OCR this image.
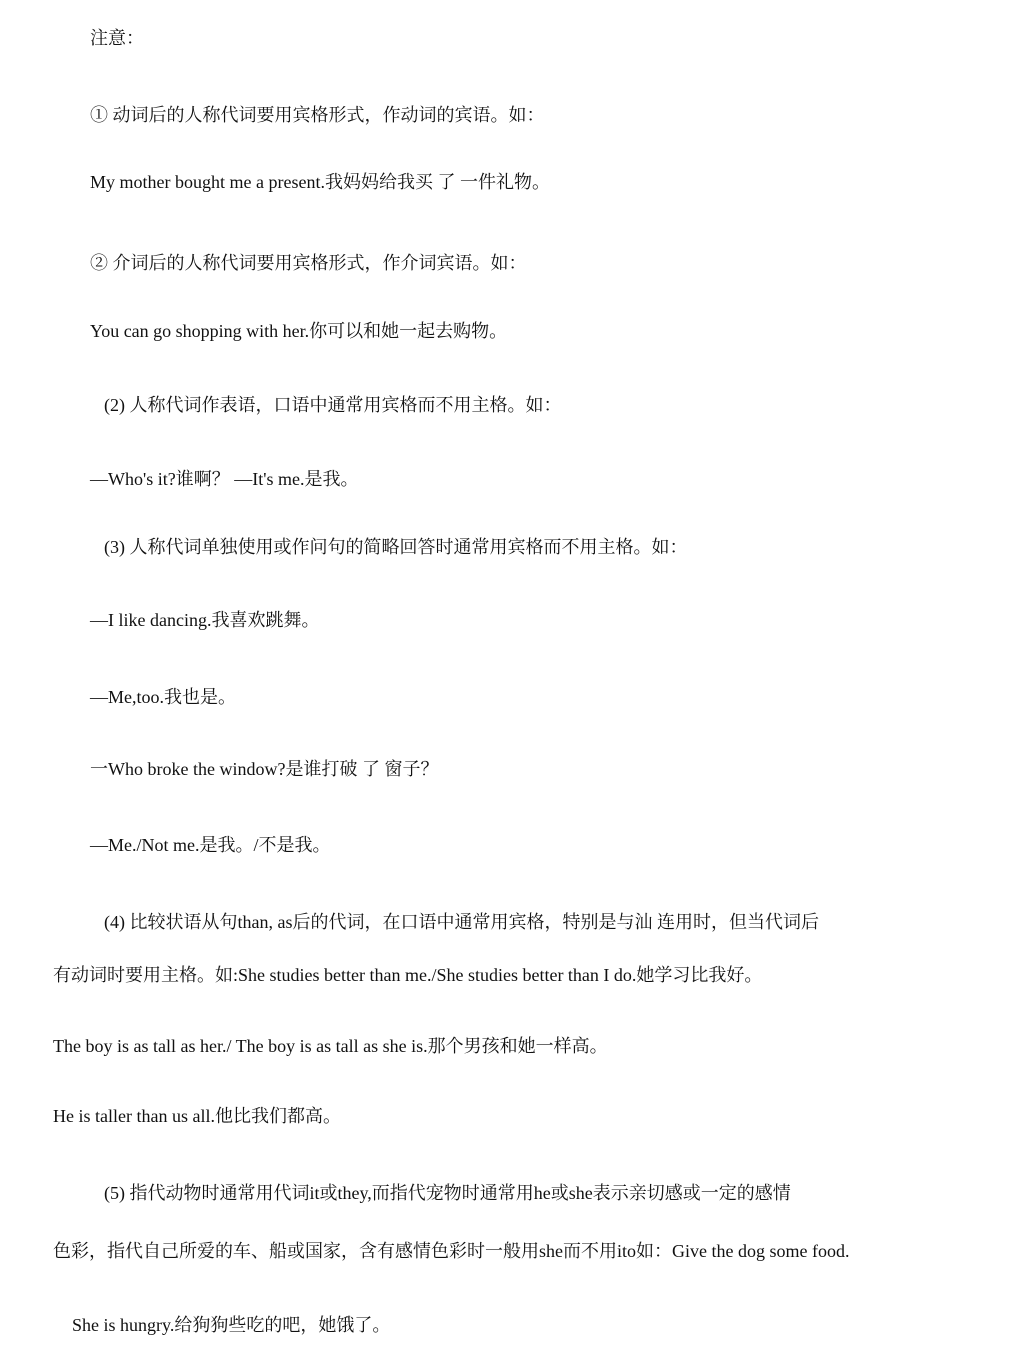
注意：
① 动词后的人称代词要用宾格形式，作动词的宾语。如：
My mother bought me a present.我妈妈给我买 了 一件礼物。
② 介词后的人称代词要用宾格形式，作介词宾语。如：
You can go shopping with her.你可以和她一起去购物。
(2) 人称代词作表语，口语中通常用宾格而不用主格。如：
—Who's it?谁啊？ —It's me.是我。
(3) 人称代词单独使用或作问句的简略回答时通常用宾格而不用主格。如：
—I like dancing.我喜欢跳舞。
—Me,too.我也是。
一Who broke the window?是谁打破 了 窗子？
—Me./Not me.是我。/不是我。
(4) 比较状语从句than, as后的代词，在口语中通常用宾格，特别是与汕 连用时，但当代词后
有动词时要用主格。如:She studies better than me./She studies better than I do.她学习比我好。
The boy is as tall as her./ The boy is as tall as she is.那个男孩和她一样高。
He is taller than us all.他比我们都高。
(5) 指代动物时通常用代词it或they,而指代宠物时通常用he或she表示亲切感或一定的感情
色彩，指代自己所爱的车、船或国家，含有感情色彩时一般用she而不用ito如：Give the dog some food.
She is hungry.给狗狗些吃的吧，她饿了。
